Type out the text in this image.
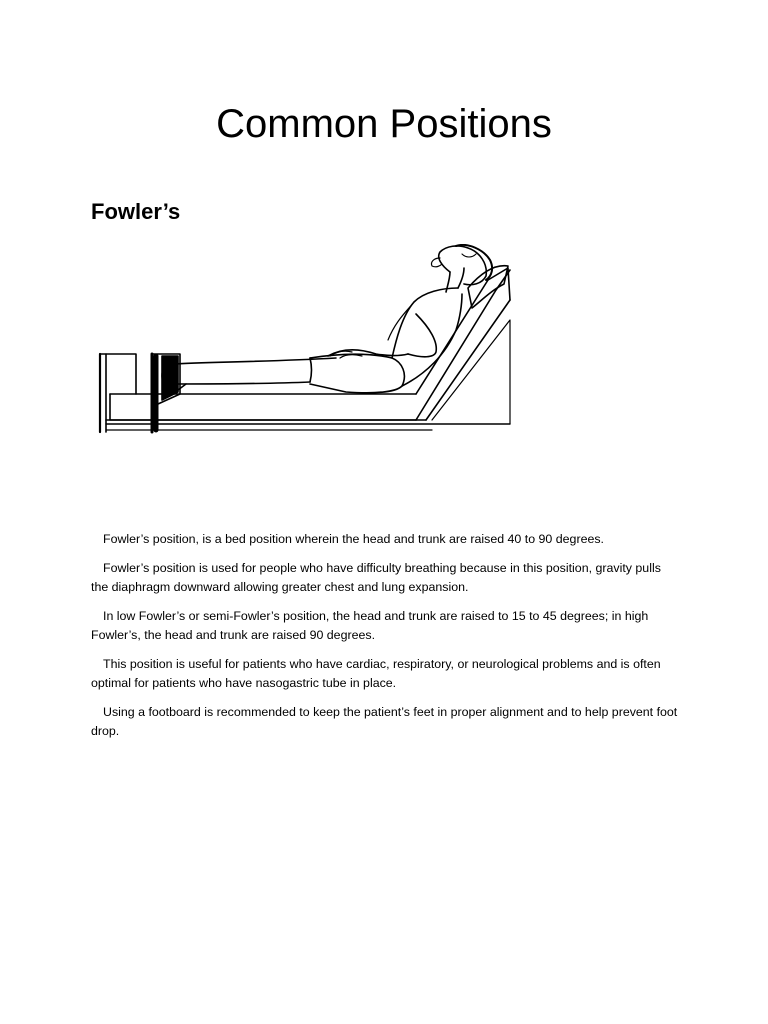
Common Positions
Fowler’s

Fowler’s position, is a bed position wherein the head and trunk are raised 40 to 90 degrees.

Fowler’s position is used for people who have difficulty breathing because in this position, gravity pulls the diaphragm downward allowing greater chest and lung expansion.

In low Fowler’s or semi-Fowler’s position, the head and trunk are raised to 15 to 45 degrees; in high Fowler’s, the head and trunk are raised 90 degrees.

This position is useful for patients who have cardiac, respiratory, or neurological problems and is often optimal for patients who have nasogastric tube in place.

Using a footboard is recommended to keep the patient’s feet in proper alignment and to help prevent foot drop.
